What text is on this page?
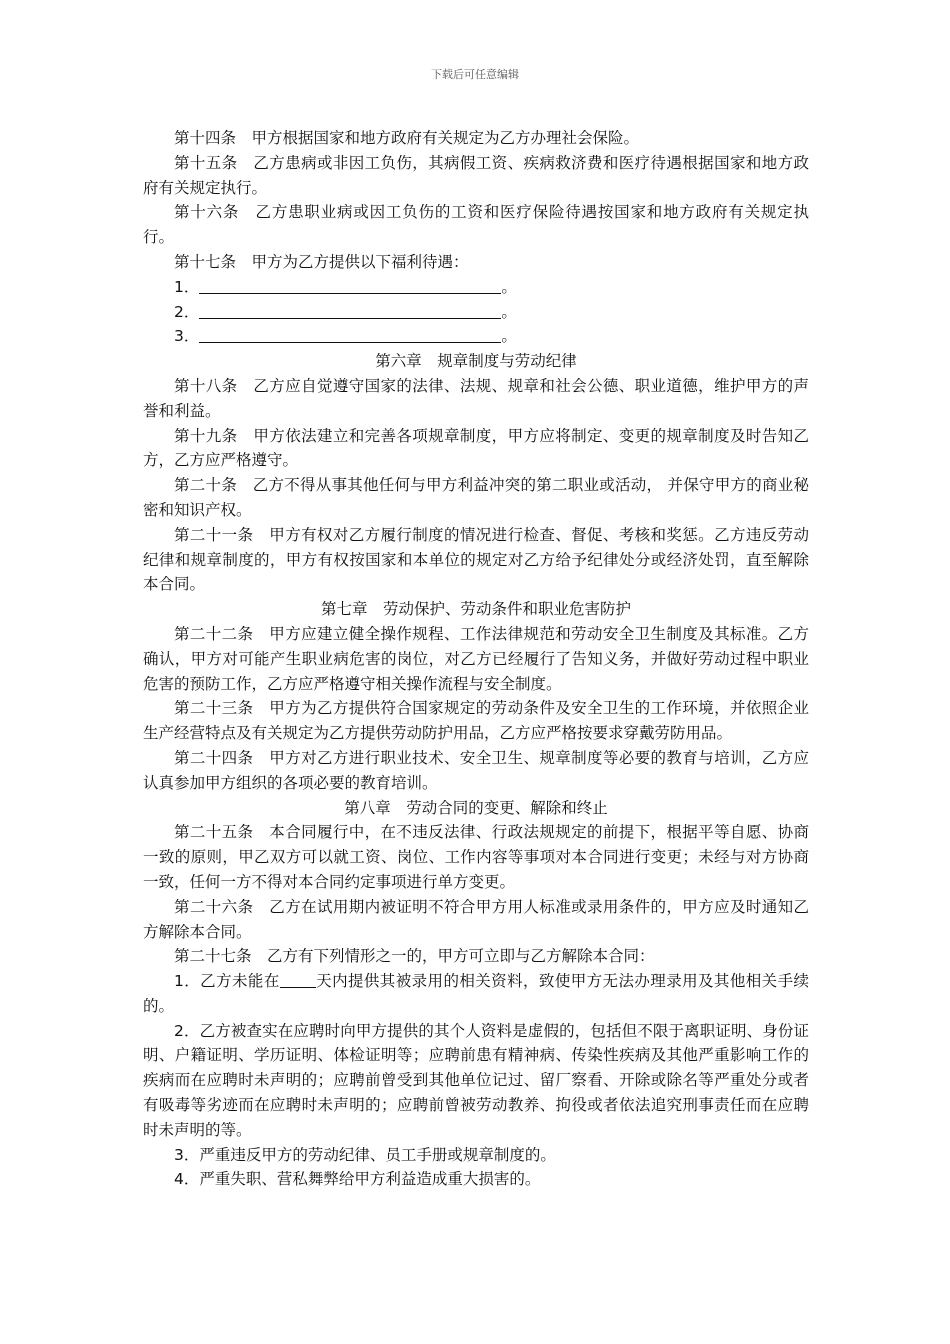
下载后可任意编辑
第十四条　甲方根据国家和地方政府有关规定为乙方办理社会保险。
第十五条　乙方患病或非因工负伤，其病假工资、疾病救济费和医疗待遇根据国家和地方政府有关规定执行。
第十六条　乙方患职业病或因工负伤的工资和医疗保险待遇按国家和地方政府有关规定执行。
第十七条　甲方为乙方提供以下福利待遇：
1．	。
2．	。
3．	。
第六章　规章制度与劳动纪律
第十八条　乙方应自觉遵守国家的法律、法规、规章和社会公德、职业道德，维护甲方的声誉和利益。
第十九条　甲方依法建立和完善各项规章制度，甲方应将制定、变更的规章制度及时告知乙方，乙方应严格遵守。
第二十条　乙方不得从事其他任何与甲方利益冲突的第二职业或活动， 并保守甲方的商业秘密和知识产权。
第二十一条　甲方有权对乙方履行制度的情况进行检查、督促、考核和奖惩。乙方违反劳动纪律和规章制度的，甲方有权按国家和本单位的规定对乙方给予纪律处分或经济处罚，直至解除本合同。
第七章　劳动保护、劳动条件和职业危害防护
第二十二条　甲方应建立健全操作规程、工作法律规范和劳动安全卫生制度及其标准。乙方确认，甲方对可能产生职业病危害的岗位，对乙方已经履行了告知义务，并做好劳动过程中职业危害的预防工作，乙方应严格遵守相关操作流程与安全制度。
第二十三条　甲方为乙方提供符合国家规定的劳动条件及安全卫生的工作环境，并依照企业生产经营特点及有关规定为乙方提供劳动防护用品，乙方应严格按要求穿戴劳防用品。
第二十四条　甲方对乙方进行职业技术、安全卫生、规章制度等必要的教育与培训，乙方应认真参加甲方组织的各项必要的教育培训。
第八章　劳动合同的变更、解除和终止
第二十五条　本合同履行中，在不违反法律、行政法规规定的前提下，根据平等自愿、协商一致的原则，甲乙双方可以就工资、岗位、工作内容等事项对本合同进行变更；未经与对方协商一致，任何一方不得对本合同约定事项进行单方变更。
第二十六条　乙方在试用期内被证明不符合甲方用人标准或录用条件的，甲方应及时通知乙方解除本合同。
第二十七条　乙方有下列情形之一的，甲方可立即与乙方解除本合同：
1．乙方未能在 天内提供其被录用的相关资料，致使甲方无法办理录用及其他相关手续的。
2．乙方被查实在应聘时向甲方提供的其个人资料是虚假的，包括但不限于离职证明、身份证明、户籍证明、学历证明、体检证明等；应聘前患有精神病、传染性疾病及其他严重影响工作的疾病而在应聘时未声明的；应聘前曾受到其他单位记过、留厂察看、开除或除名等严重处分或者有吸毒等劣迹而在应聘时未声明的；应聘前曾被劳动教养、拘役或者依法追究刑事责任而在应聘时未声明的等。
3．严重违反甲方的劳动纪律、员工手册或规章制度的。
4．严重失职、营私舞弊给甲方利益造成重大损害的。
